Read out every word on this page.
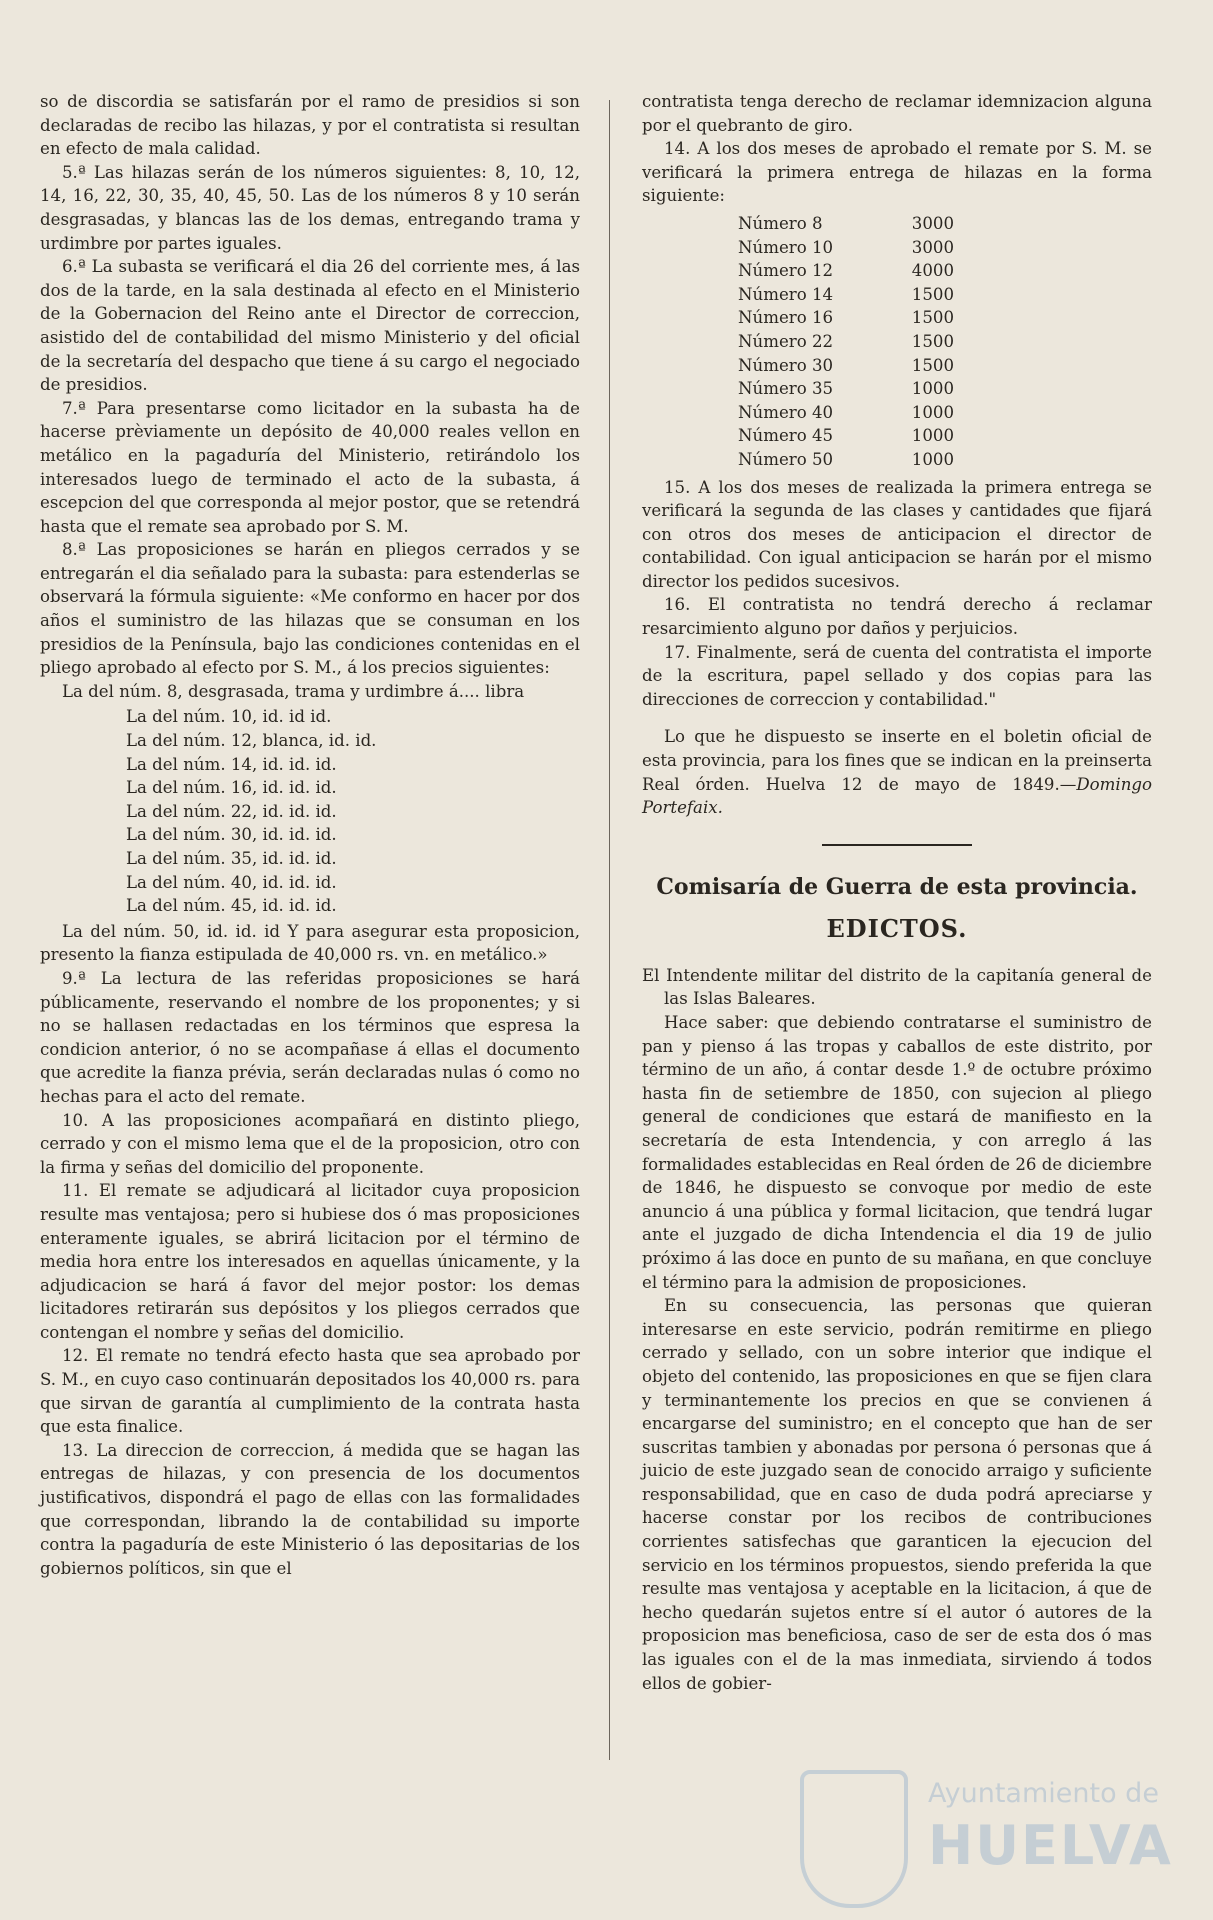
so de discordia se satisfarán por el ramo de presidios si son declaradas de recibo las hilazas, y por el contratista si resultan en efecto de mala calidad.

5.ª Las hilazas serán de los números siguientes: 8, 10, 12, 14, 16, 22, 30, 35, 40, 45, 50. Las de los números 8 y 10 serán desgrasadas, y blancas las de los demas, entregando trama y urdimbre por partes iguales.

6.ª La subasta se verificará el dia 26 del corriente mes, á las dos de la tarde, en la sala destinada al efecto en el Ministerio de la Gobernacion del Reino ante el Director de correccion, asistido del de contabilidad del mismo Ministerio y del oficial de la secretaría del despacho que tiene á su cargo el negociado de presidios.

7.ª Para presentarse como licitador en la subasta ha de hacerse prèviamente un depósito de 40,000 reales vellon en metálico en la pagaduría del Ministerio, retirándolo los interesados luego de terminado el acto de la subasta, á escepcion del que corresponda al mejor postor, que se retendrá hasta que el remate sea aprobado por S. M.

8.ª Las proposiciones se harán en pliegos cerrados y se entregarán el dia señalado para la subasta: para estenderlas se observará la fórmula siguiente: «Me conformo en hacer por dos años el suministro de las hilazas que se consuman en los presidios de la Península, bajo las condiciones contenidas en el pliego aprobado al efecto por S. M., á los precios siguientes:

La del núm. 8, desgrasada, trama y urdimbre á.... libra

La del núm. 10, id. id id.
La del núm. 12, blanca, id. id.
La del núm. 14, id. id. id.
La del núm. 16, id. id. id.
La del núm. 22, id. id. id.
La del núm. 30, id. id. id.
La del núm. 35, id. id. id.
La del núm. 40, id. id. id.
La del núm. 45, id. id. id.

La del núm. 50, id. id. id Y para asegurar esta proposicion, presento la fianza estipulada de 40,000 rs. vn. en metálico.»

9.ª La lectura de las referidas proposiciones se hará públicamente, reservando el nombre de los proponentes; y si no se hallasen redactadas en los términos que espresa la condicion anterior, ó no se acompañase á ellas el documento que acredite la fianza prévia, serán declaradas nulas ó como no hechas para el acto del remate.

10. A las proposiciones acompañará en distinto pliego, cerrado y con el mismo lema que el de la proposicion, otro con la firma y señas del domicilio del proponente.

11. El remate se adjudicará al licitador cuya proposicion resulte mas ventajosa; pero si hubiese dos ó mas proposiciones enteramente iguales, se abrirá licitacion por el término de media hora entre los interesados en aquellas únicamente, y la adjudicacion se hará á favor del mejor postor: los demas licitadores retirarán sus depósitos y los pliegos cerrados que contengan el nombre y señas del domicilio.

12. El remate no tendrá efecto hasta que sea aprobado por S. M., en cuyo caso continuarán depositados los 40,000 rs. para que sirvan de garantía al cumplimiento de la contrata hasta que esta finalice.

13. La direccion de correccion, á medida que se hagan las entregas de hilazas, y con presencia de los documentos justificativos, dispondrá el pago de ellas con las formalidades que correspondan, librando la de contabilidad su importe contra la pagaduría de este Ministerio ó las depositarias de los gobiernos políticos, sin que el

contratista tenga derecho de reclamar idemnizacion alguna por el quebranto de giro.

14. A los dos meses de aprobado el remate por S. M. se verificará la primera entrega de hilazas en la forma siguiente:

Número 8	3000
Número 10	3000
Número 12	4000
Número 14	1500
Número 16	1500
Número 22	1500
Número 30	1500
Número 35	1000
Número 40	1000
Número 45	1000
Número 50	1000

15. A los dos meses de realizada la primera entrega se verificará la segunda de las clases y cantidades que fijará con otros dos meses de anticipacion el director de contabilidad. Con igual anticipacion se harán por el mismo director los pedidos sucesivos.

16. El contratista no tendrá derecho á reclamar resarcimiento alguno por daños y perjuicios.

17. Finalmente, será de cuenta del contratista el importe de la escritura, papel sellado y dos copias para las direcciones de correccion y contabilidad."

Lo que he dispuesto se inserte en el boletin oficial de esta provincia, para los fines que se indican en la preinserta Real órden. Huelva 12 de mayo de 1849.—Domingo Portefaix.

Comisaría de Guerra de esta provincia.
EDICTOS.

El Intendente militar del distrito de la capitanía general de las Islas Baleares.

Hace saber: que debiendo contratarse el suministro de pan y pienso á las tropas y caballos de este distrito, por término de un año, á contar desde 1.º de octubre próximo hasta fin de setiembre de 1850, con sujecion al pliego general de condiciones que estará de manifiesto en la secretaría de esta Intendencia, y con arreglo á las formalidades establecidas en Real órden de 26 de diciembre de 1846, he dispuesto se convoque por medio de este anuncio á una pública y formal licitacion, que tendrá lugar ante el juzgado de dicha Intendencia el dia 19 de julio próximo á las doce en punto de su mañana, en que concluye el término para la admision de proposiciones.

En su consecuencia, las personas que quieran interesarse en este servicio, podrán remitirme en pliego cerrado y sellado, con un sobre interior que indique el objeto del contenido, las proposiciones en que se fijen clara y terminantemente los precios en que se convienen á encargarse del suministro; en el concepto que han de ser suscritas tambien y abonadas por persona ó personas que á juicio de este juzgado sean de conocido arraigo y suficiente responsabilidad, que en caso de duda podrá apreciarse y hacerse constar por los recibos de contribuciones corrientes satisfechas que garanticen la ejecucion del servicio en los términos propuestos, siendo preferida la que resulte mas ventajosa y aceptable en la licitacion, á que de hecho quedarán sujetos entre sí el autor ó autores de la proposicion mas beneficiosa, caso de ser de esta dos ó mas las iguales con el de la mas inmediata, sirviendo á todos ellos de gobier-

Ayuntamiento de
HUELVA
